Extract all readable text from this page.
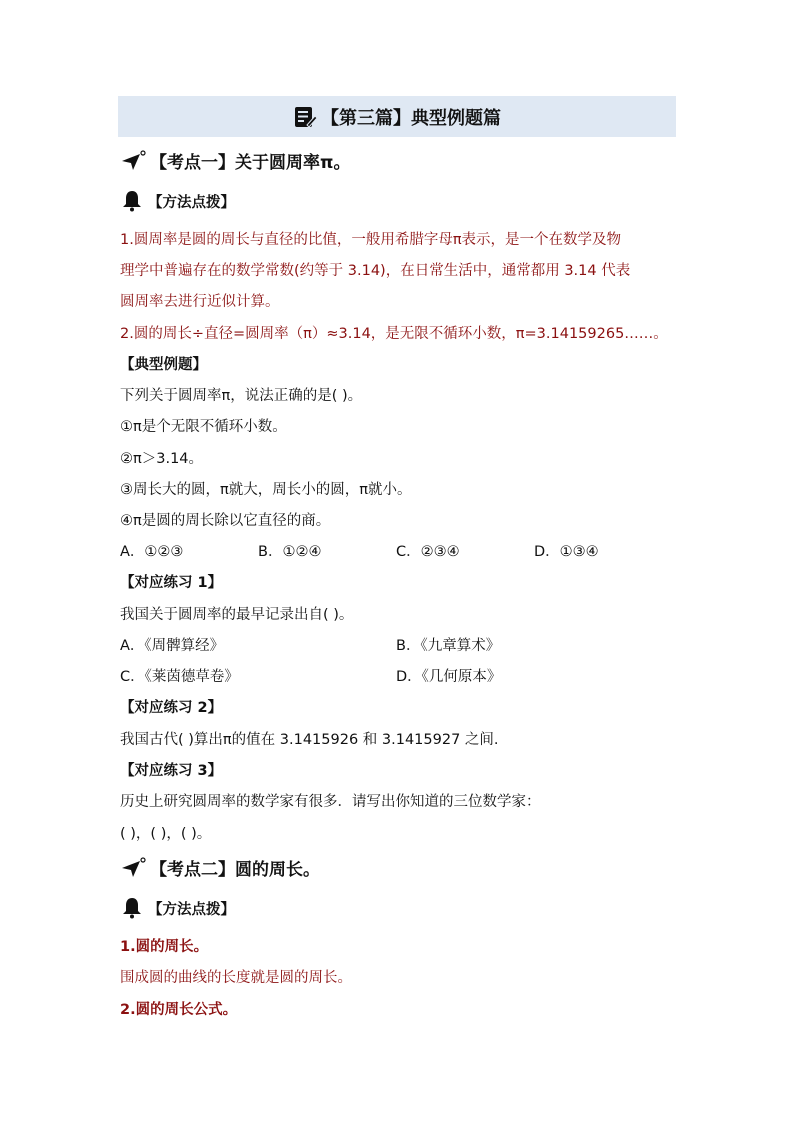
【第三篇】典型例题篇
【考点一】关于圆周率π。
【方法点拨】
1.圆周率是圆的周长与直径的比值，一般用希腊字母π表示，是一个在数学及物
理学中普遍存在的数学常数(约等于 3.14)，在日常生活中，通常都用 3.14 代表
圆周率去进行近似计算。
2.圆的周长÷直径=圆周率（π）≈3.14，是无限不循环小数，π=3.14159265……。
【典型例题】
下列关于圆周率π，说法正确的是( )。
①π是个无限不循环小数。
②π＞3.14。
③周长大的圆，π就大，周长小的圆，π就小。
④π是圆的周长除以它直径的商。
A．①②③	B．①②④	C．②③④	D．①③④
【对应练习 1】
我国关于圆周率的最早记录出自( )。
A．《周髀算经》	B．《九章算术》
C．《莱茵德草卷》	D．《几何原本》
【对应练习 2】
我国古代( )算出π的值在 3.1415926 和 3.1415927 之间.
【对应练习 3】
历史上研究圆周率的数学家有很多．请写出你知道的三位数学家：
( )，( )，( )。
【考点二】圆的周长。
【方法点拨】
1.圆的周长。
围成圆的曲线的长度就是圆的周长。
2.圆的周长公式。
